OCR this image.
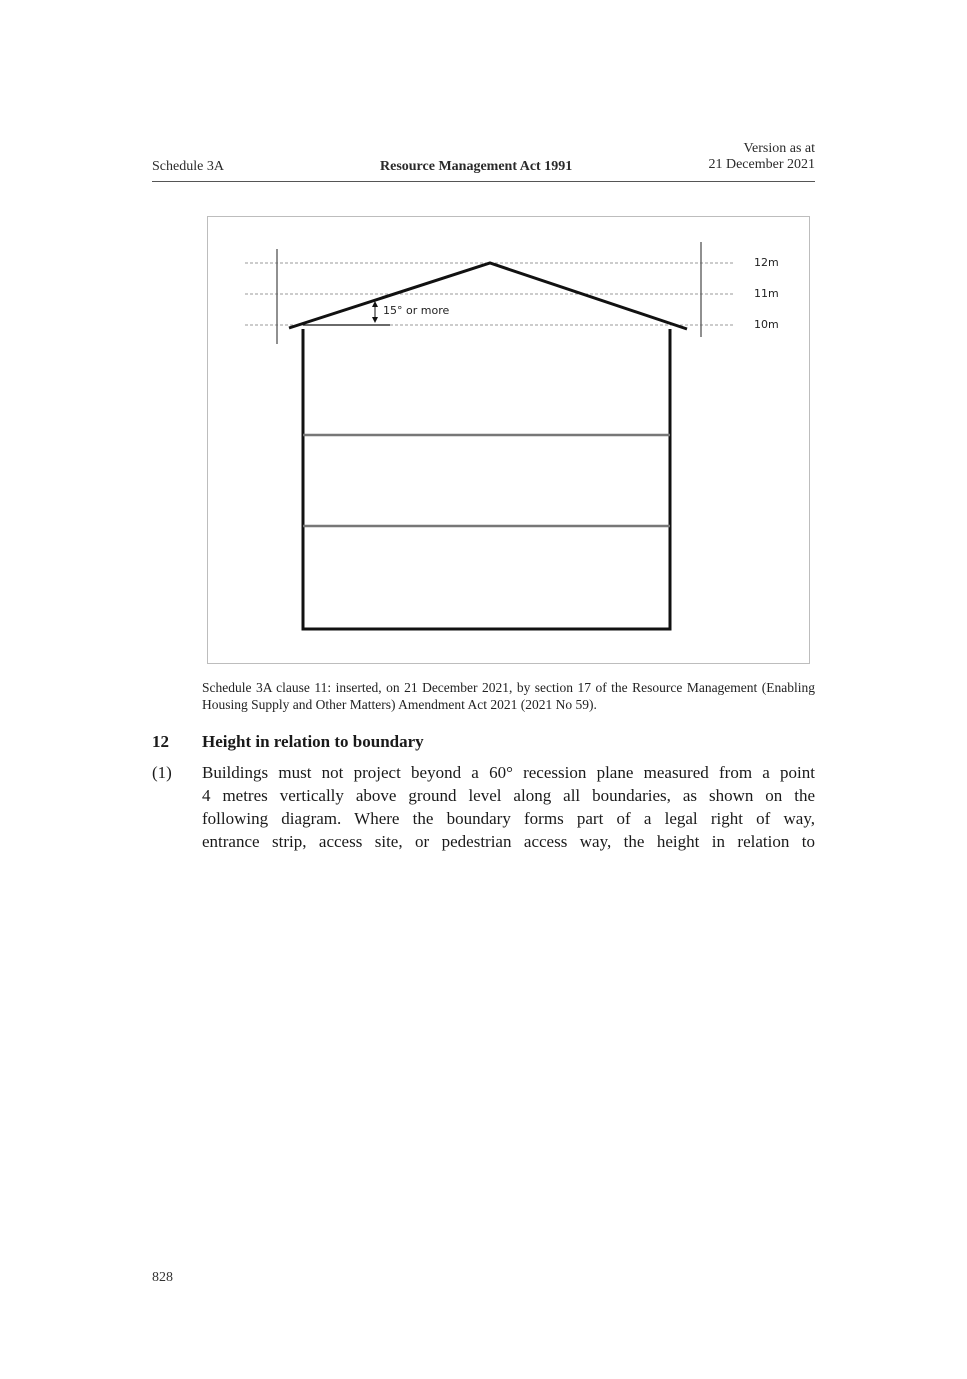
Schedule 3A	Resource Management Act 1991
Version as at
21 December 2021
12m
11m
10m
15° or more
Schedule 3A clause 11: inserted, on 21 December 2021, by section 17 of the Resource Management (Enabling Housing Supply and Other Matters) Amendment Act 2021 (2021 No 59).
12 Height in relation to boundary
(1) Buildings must not project beyond a 60° recession plane measured from a point
4 metres vertically above ground level along all boundaries, as shown on the
following diagram. Where the boundary forms part of a legal right of way,
entrance strip, access site, or pedestrian access way, the height in relation to
828
